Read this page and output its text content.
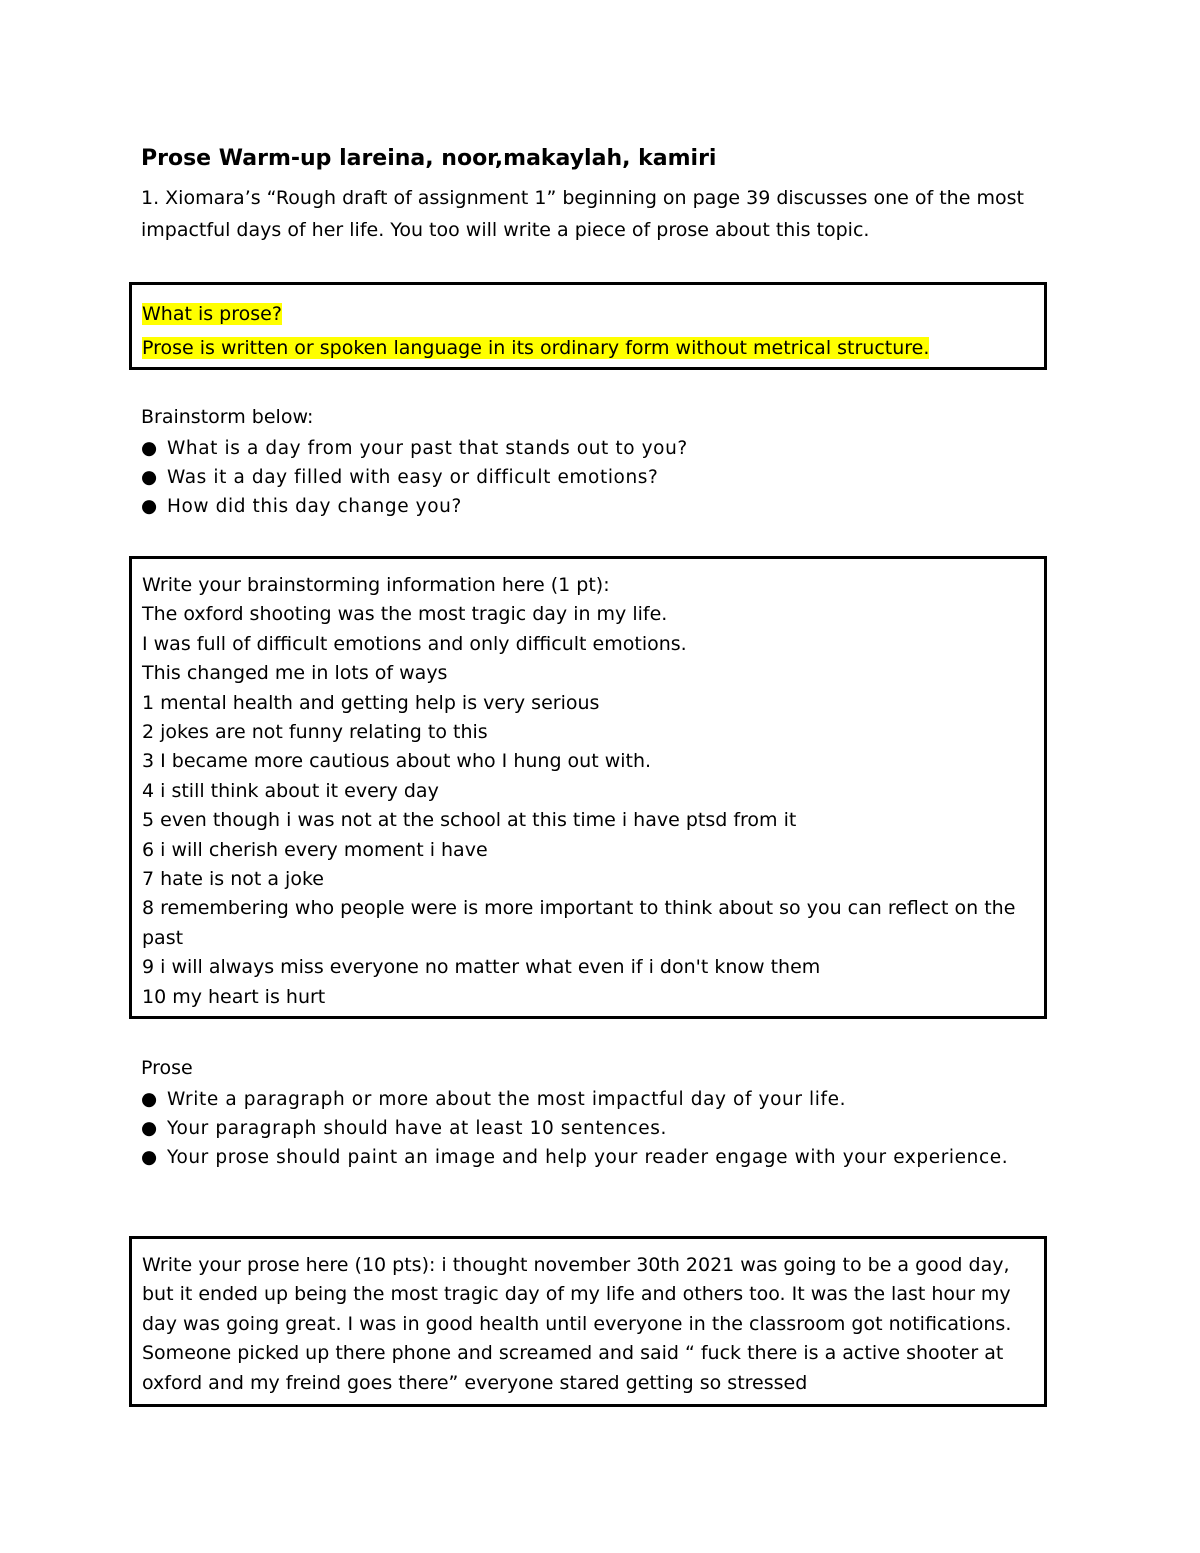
Prose Warm-up lareina, noor,makaylah, kamiri

1. Xiomara’s “Rough draft of assignment 1” beginning on page 39 discusses one of the most impactful days of her life. You too will write a piece of prose about this topic.

What is prose?

Prose is written or spoken language in its ordinary form without metrical structure.

Brainstorm below:

● What is a day from your past that stands out to you?
● Was it a day filled with easy or difficult emotions?
● How did this day change you?

Write your brainstorming information here (1 pt):

The oxford shooting was the most tragic day in my life.

I was full of difficult emotions and only difficult emotions.

This changed me in lots of ways

1 mental health and getting help is very serious

2 jokes are not funny relating to this

3 I became more cautious about who I hung out with.

4 i still think about it every day

5 even though i was not at the school at this time i have ptsd from it

6 i will cherish every moment i have

7 hate is not a joke

8 remembering who people were is more important to think about so you can reflect on the past

9 i will always miss everyone no matter what even if i don't know them

10 my heart is hurt

Prose

● Write a paragraph or more about the most impactful day of your life.
● Your paragraph should have at least 10 sentences.
● Your prose should paint an image and help your reader engage with your experience.

Write your prose here (10 pts): i thought november 30th 2021 was going to be a good day, but it ended up being the most tragic day of my life and others too. It was the last hour my day was going great. I was in good health until everyone in the classroom got notifications. Someone picked up there phone and screamed and said “ fuck there is a active shooter at oxford and my freind goes there” everyone stared getting so stressed
